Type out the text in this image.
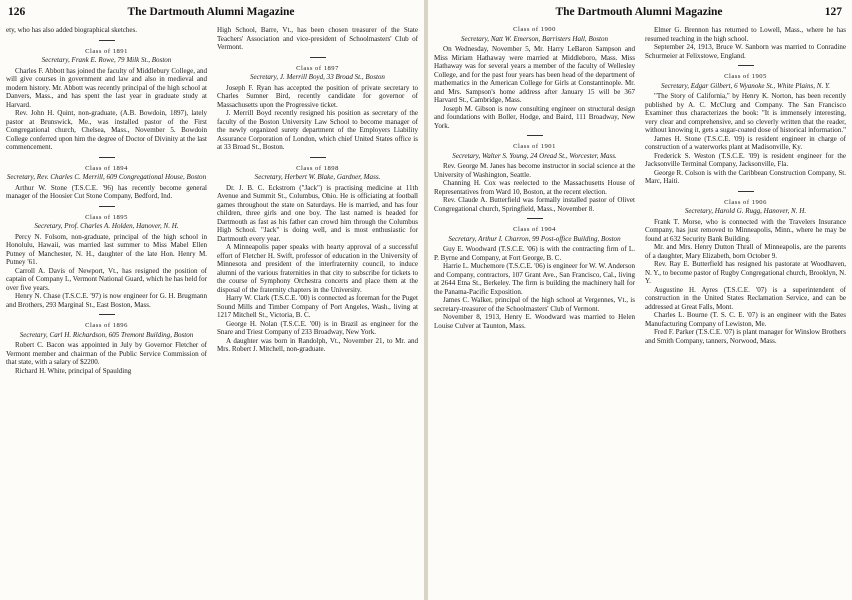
126	The Dartmouth Alumni Magazine

ety, who has also added biographical sketches.

Class of 1891
Secretary, Frank E. Rowe, 79 Milk St., Boston

Charles F. Abbott has joined the faculty of Middlebury College, and will give courses in government and law and also in medieval and modern history. Mr. Abbott was recently principal of the high school at Danvers, Mass., and has spent the last year in graduate study at Harvard.

Rev. John H. Quint, non-graduate, (A.B. Bowdoin, 1897), lately pastor at Brunswick, Me., was installed pastor of the First Congregational church, Chelsea, Mass., November 5. Bowdoin College conferred upon him the degree of Doctor of Divinity at the last commencement.

Class of 1894
Secretary, Rev. Charles C. Merrill, 609 Congregational House, Boston

Arthur W. Stone (T.S.C.E. '96) has recently become general manager of the Hoosier Cut Stone Company, Bedford, Ind.

Class of 1895
Secretary, Prof. Charles A. Holden, Hanover, N. H.

Percy N. Folsom, non-graduate, principal of the high school in Honolulu, Hawaii, was married last summer to Miss Mabel Ellen Putney of Manchester, N. H., daughter of the late Hon. Henry M. Putney '61.

Carroll A. Davis of Newport, Vt., has resigned the position of captain of Company L, Vermont National Guard, which he has held for over five years.

Henry N. Chase (T.S.C.E. '97) is now engineer for G. H. Brugmann and Brothers, 293 Marginal St., East Boston, Mass.

Class of 1896
Secretary, Carl H. Richardson, 605 Tremont Building, Boston

Robert C. Bacon was appointed in July by Governor Fletcher of Vermont member and chairman of the Public Service Commission of that state, with a salary of $2200.

Richard H. White, principal of Spaulding

High School, Barre, Vt., has been chosen treasurer of the State Teachers' Association and vice-president of Schoolmasters' Club of Vermont.

Class of 1897
Secretary, J. Merrill Boyd, 33 Broad St., Boston

Joseph F. Ryan has accepted the position of private secretary to Charles Sumner Bird, recently candidate for governor of Massachusetts upon the Progressive ticket.

J. Merrill Boyd recently resigned his position as secretary of the faculty of the Boston University Law School to become manager of the newly organized surety department of the Employers Liability Assurance Corporation of London, which chief United States office is at 33 Broad St., Boston.

Class of 1898
Secretary, Herbert W. Blake, Gardner, Mass.

Dr. J. B. C. Eckstrom ("Jack") is practising medicine at 11th Avenue and Summit St., Columbus, Ohio. He is officiating at football games throughout the state on Saturdays. He is married, and has four children, three girls and one boy. The last named is headed for Dartmouth as fast as his father can crowd him through the Columbus High School. "Jack" is doing well, and is most enthusiastic for Dartmouth every year.

A Minneapolis paper speaks with hearty approval of a successful effort of Fletcher H. Swift, professor of education in the University of Minnesota and president of the interfraternity council, to induce alumni of the various fraternities in that city to subscribe for tickets to the course of Symphony Orchestra concerts and place them at the disposal of the fraternity chapters in the University.

Harry W. Clark (T.S.C.E. '00) is connected as foreman for the Puget Sound Mills and Timber Company of Port Angeles, Wash., living at 1217 Mitchell St., Victoria, B. C.

George H. Nolan (T.S.C.E. '00) is in Brazil as engineer for the Snare and Triest Company of 233 Broadway, New York.

A daughter was born in Randolph, Vt., November 21, to Mr. and Mrs. Robert J. Mitchell, non-graduate.

The Dartmouth Alumni Magazine	127
Class of 1900
Secretary, Natt W. Emerson, Barristers Hall, Boston

On Wednesday, November 5, Mr. Harry LeBaron Sampson and Miss Miriam Hathaway were married at Middleboro, Mass. Miss Hathaway was for several years a member of the faculty of Wellesley College, and for the past four years has been head of the department of mathematics in the American College for Girls at Constantinople. Mr. and Mrs. Sampson's home address after January 15 will be 367 Harvard St., Cambridge, Mass.

Joseph M. Gibson is now consulting engineer on structural design and foundations with Boller, Hodge, and Baird, 111 Broadway, New York.

Class of 1901
Secretary, Walter S. Young, 24 Oread St., Worcester, Mass.

Rev. George M. Janes has become instructor in social science at the University of Washington, Seattle.

Channing H. Cox was reelected to the Massachusetts House of Representatives from Ward 10, Boston, at the recent election.

Rev. Claude A. Butterfield was formally installed pastor of Olivet Congregational church, Springfield, Mass., November 8.

Class of 1904
Secretary, Arthur I. Charron, 99 Post-office Building, Boston

Guy E. Woodward (T.S.C.E. '06) is with the contracting firm of L. P. Byrne and Company, at Fort George, B. C.

Harrie L. Muchemore (T.S.C.E. '06) is engineer for W. W. Anderson and Company, contractors, 107 Grant Ave., San Francisco, Cal., living at 2644 Etna St., Berkeley. The firm is building the machinery hall for the Panama-Pacific Exposition.

James C. Walker, principal of the high school at Vergennes, Vt., is secretary-treasurer of the Schoolmasters' Club of Vermont.

November 8, 1913, Henry E. Woodward was married to Helen Louise Culver at Taunton, Mass.

Elmer G. Brennon has returned to Lowell, Mass., where he has resumed teaching in the high school.

September 24, 1913, Bruce W. Sanborn was married to Conradine Schurmeier at Felixstowe, England.

Class of 1905
Secretary, Edgar Gilbert, 6 Wyanoke St., White Plains, N. Y.

"The Story of California," by Henry K. Norton, has been recently published by A. C. McClurg and Company. The San Francisco Examiner thus characterizes the book: "It is immensely interesting, very clear and comprehensive, and so cleverly written that the reader, without knowing it, gets a sugar-coated dose of historical information."

James H. Stone (T.S.C.E. '09) is resident engineer in charge of construction of a waterworks plant at Madisonville, Ky.

Frederick S. Weston (T.S.C.E. '09) is resident engineer for the Jacksonville Terminal Company, Jacksonville, Fla.

George R. Colson is with the Caribbean Construction Company, St. Marc, Haiti.

Class of 1906
Secretary, Harold G. Rugg, Hanover, N. H.

Frank T. Morse, who is connected with the Travelers Insurance Company, has just removed to Minneapolis, Minn., where he may be found at 632 Security Bank Building.

Mr. and Mrs. Henry Dutton Thrall of Minneapolis, are the parents of a daughter, Mary Elizabeth, born October 9.

Rev. Ray E. Butterfield has resigned his pastorate at Woodhaven, N. Y., to become pastor of Rugby Congregational church, Brooklyn, N. Y.

Augustine H. Ayres (T.S.C.E. '07) is a superintendent of construction in the United States Reclamation Service, and can be addressed at Great Falls, Mont.

Charles L. Bourne (T. S. C. E. '07) is an engineer with the Bates Manufacturing Company of Lewiston, Me.

Fred F. Parker (T.S.C.E. '07) is plant manager for Winslow Brothers and Smith Company, tanners, Norwood, Mass.
